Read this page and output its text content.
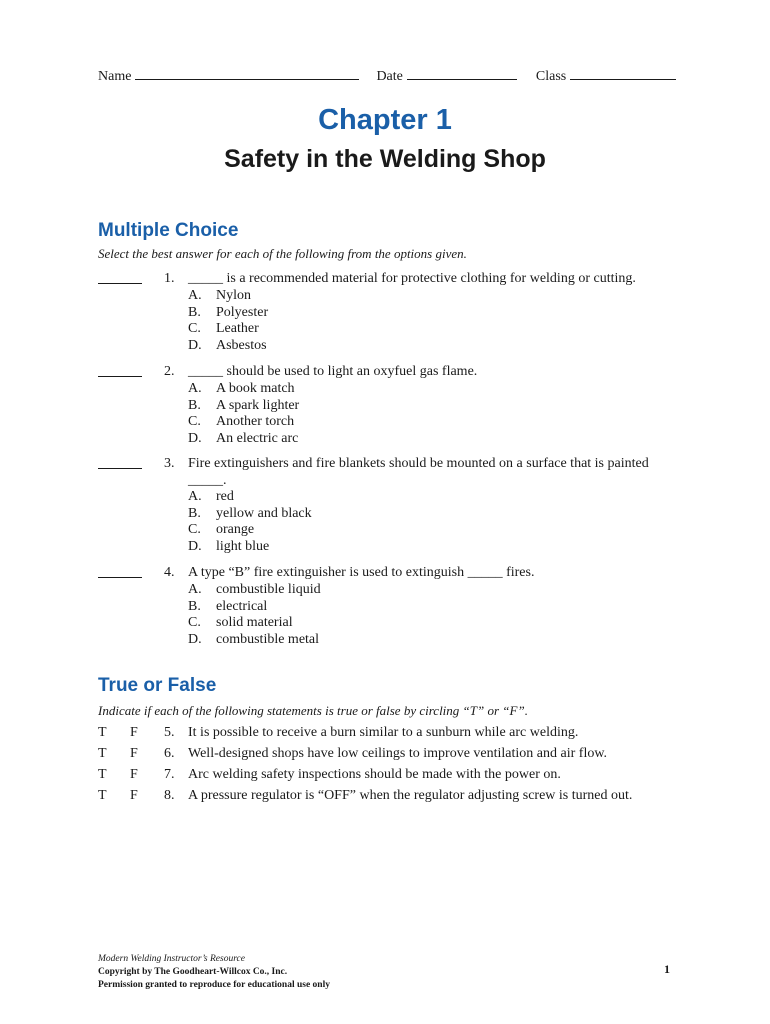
Name	Date	Class
Chapter 1
Safety in the Welding Shop
Multiple Choice
Select the best answer for each of the following from the options given.
1. _____ is a recommended material for protective clothing for welding or cutting.
A. Nylon
B. Polyester
C. Leather
D. Asbestos
2. _____ should be used to light an oxyfuel gas flame.
A. A book match
B. A spark lighter
C. Another torch
D. An electric arc
3. Fire extinguishers and fire blankets should be mounted on a surface that is painted _____.
A. red
B. yellow and black
C. orange
D. light blue
4. A type “B” fire extinguisher is used to extinguish _____ fires.
A. combustible liquid
B. electrical
C. solid material
D. combustible metal
True or False
Indicate if each of the following statements is true or false by circling “T” or “F”.
T F 5. It is possible to receive a burn similar to a sunburn while arc welding.
T F 6. Well-designed shops have low ceilings to improve ventilation and air flow.
T F 7. Arc welding safety inspections should be made with the power on.
T F 8. A pressure regulator is “OFF” when the regulator adjusting screw is turned out.
Modern Welding Instructor’s Resource
Copyright by The Goodheart-Willcox Co., Inc.
Permission granted to reproduce for educational use only
1
